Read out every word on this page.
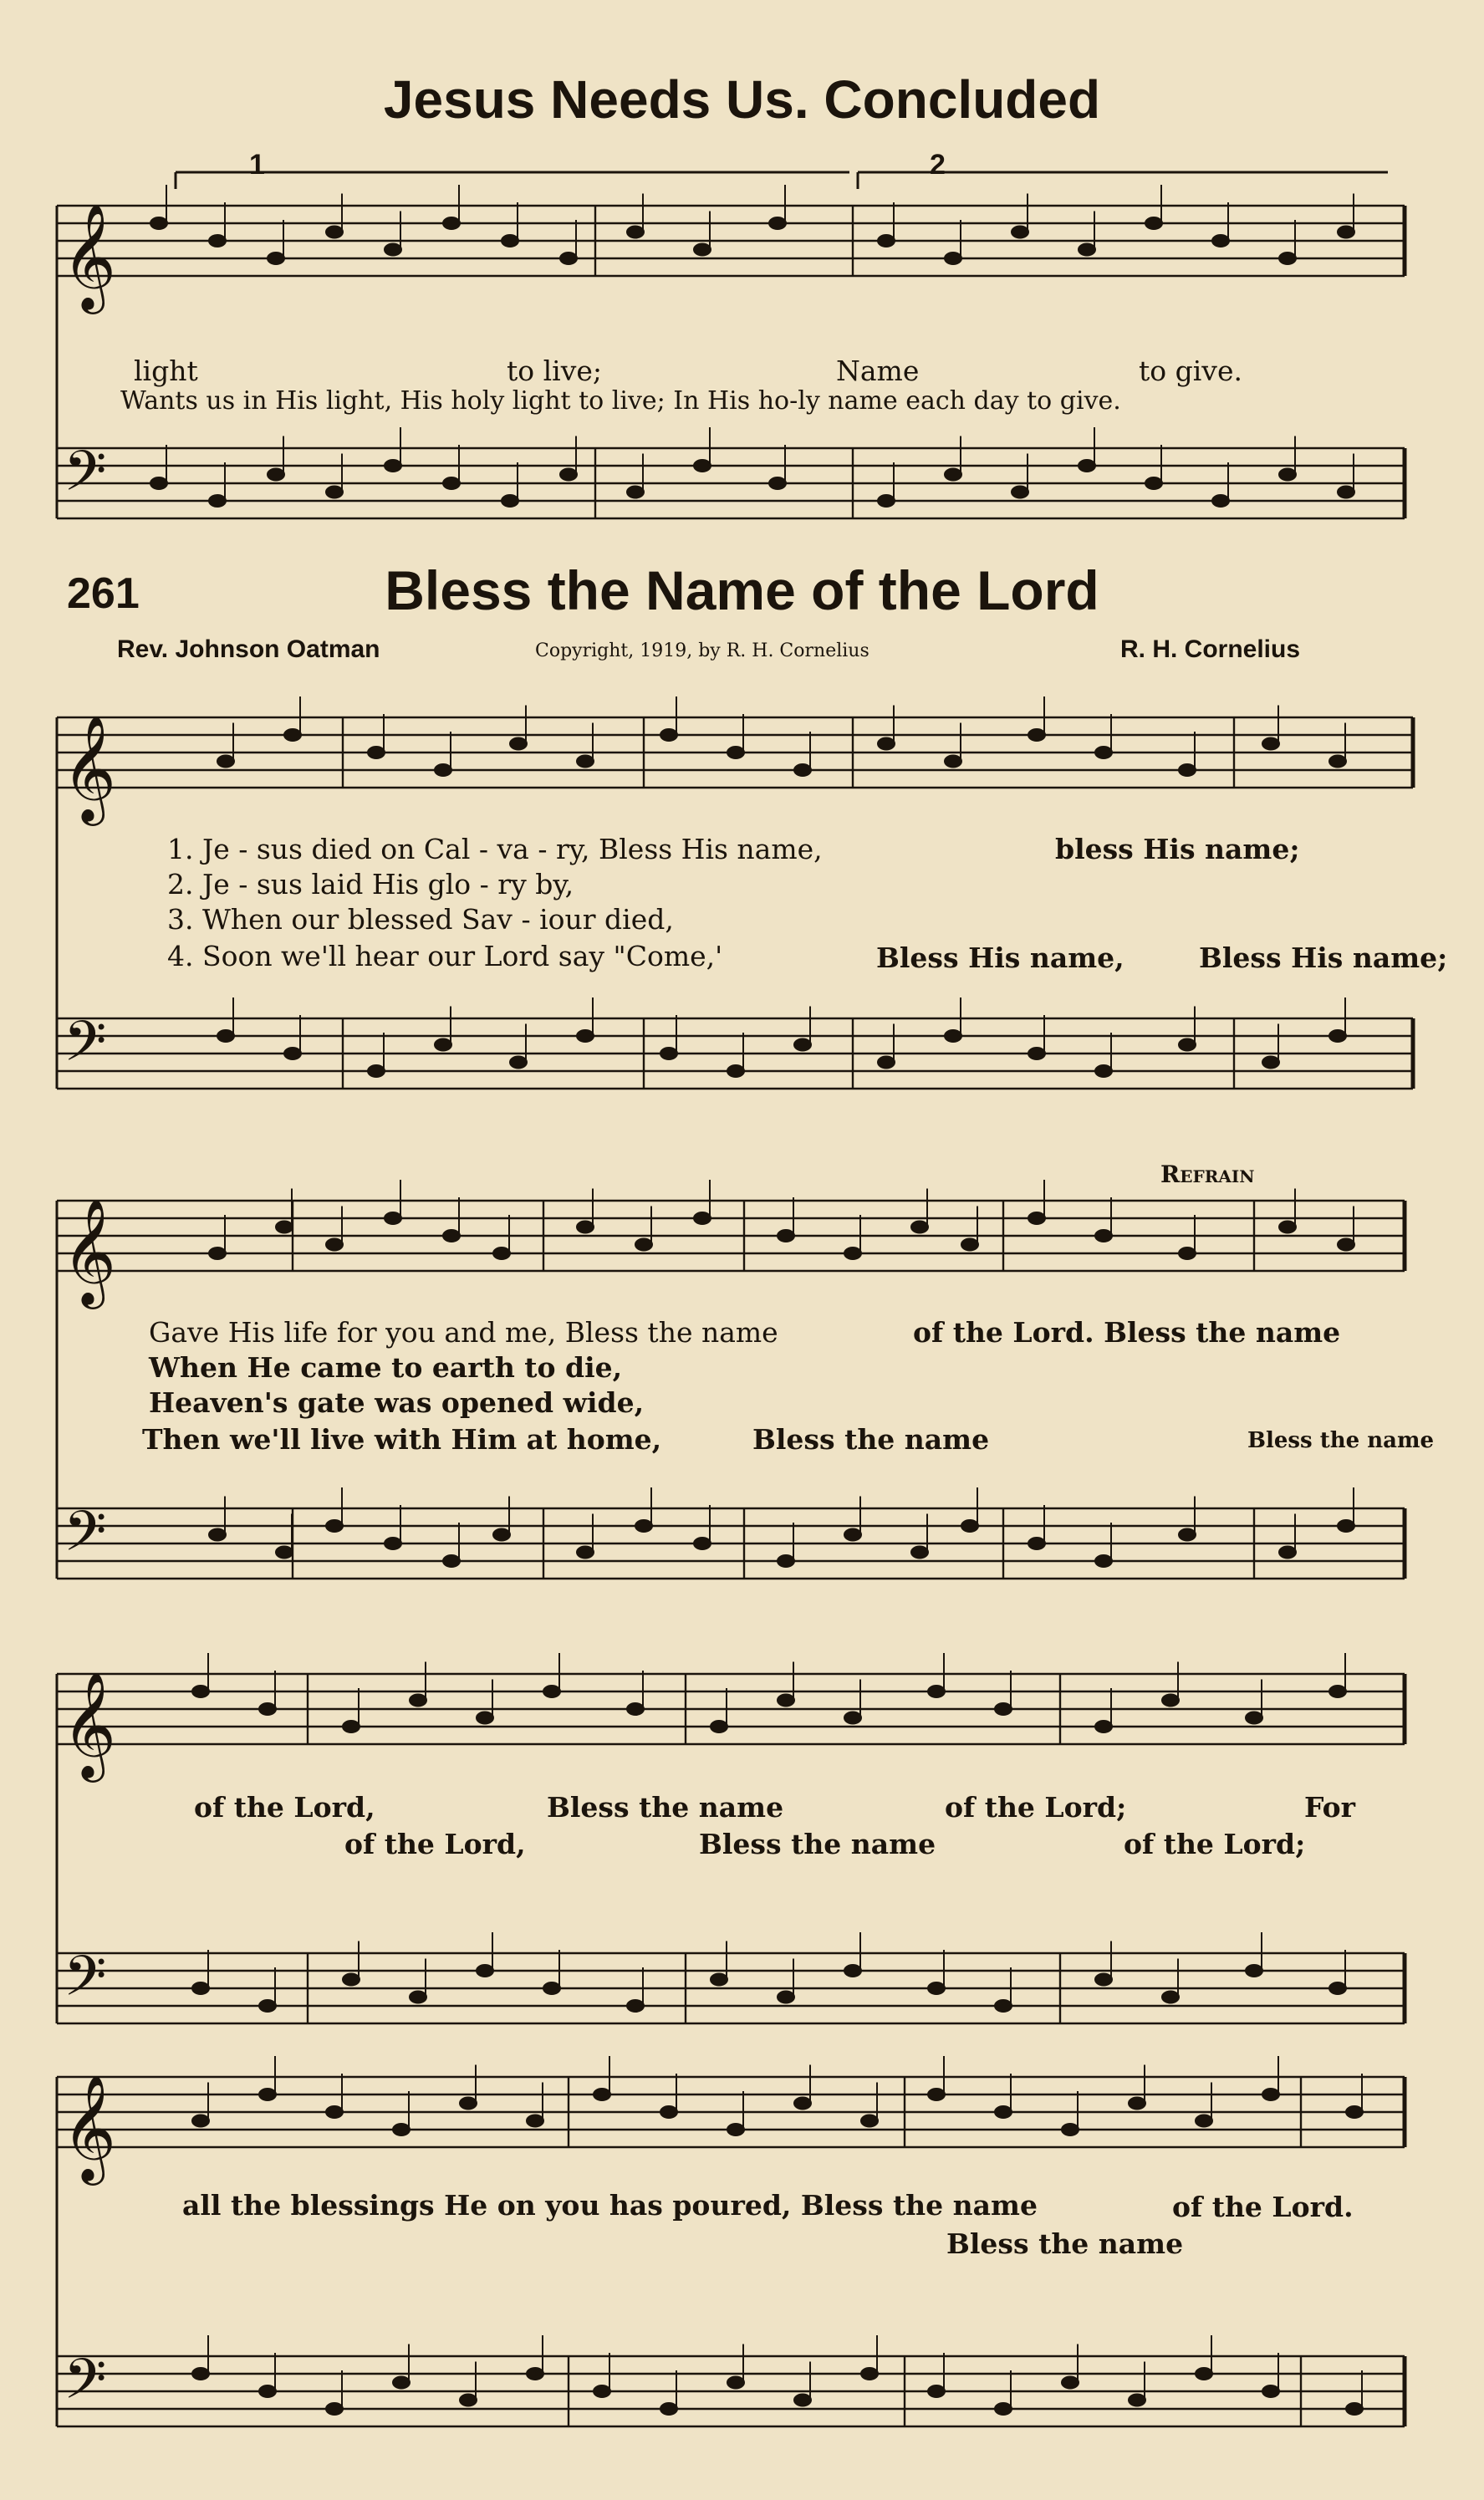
𝄞
𝄢
𝄞
𝄢
𝄞
𝄢
𝄞
𝄢
𝄞
𝄢
Jesus Needs Us. Concluded
1	2
light	to live;	Name	to give.
Wants us in His light, His holy light to live; In His ho-ly name each day to give.
261	Bless the Name of the Lord
Rev. Johnson Oatman	Copyright, 1919, by R. H. Cornelius	R. H. Cornelius
1. Je - sus died on Cal - va - ry, Bless His name,	bless His name;
2. Je - sus laid His glo - ry by,
3. When our blessed Sav - iour died,
4. Soon we'll hear our Lord say "Come,'	Bless His name,	Bless His name;
Gave His life for you and me, Bless the name	of the Lord. Bless the name
When He came to earth to die,
Heaven's gate was opened wide,
Then we'll live with Him at home,	Bless the name	Bless the name
Refrain
of the Lord,	Bless the name	of the Lord;	For
of the Lord,	Bless the name	of the Lord;
all the blessings He on you has poured, Bless the name	of the Lord.
Bless the name
